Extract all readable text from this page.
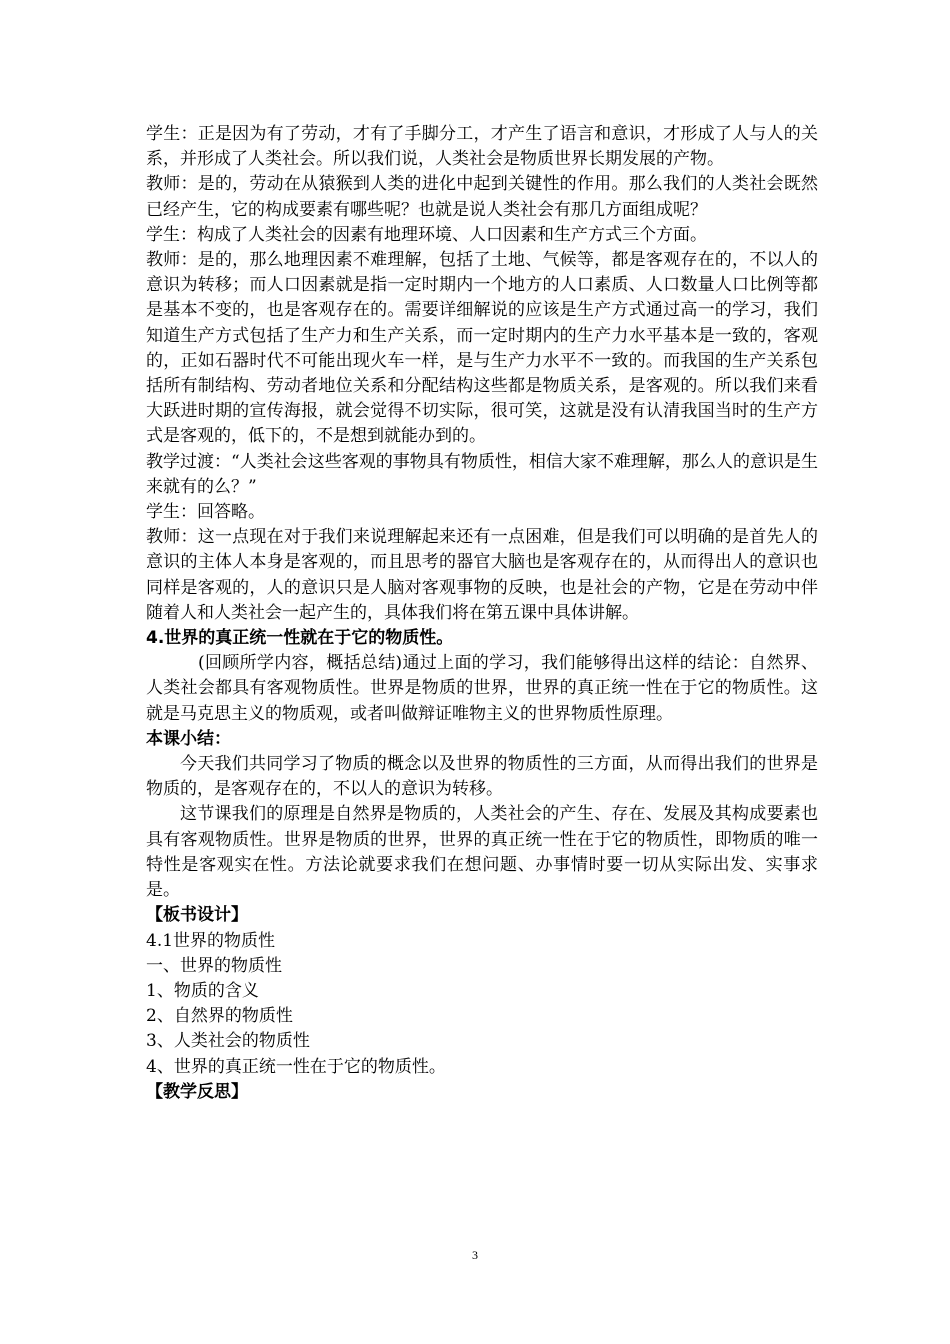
学生：正是因为有了劳动，才有了手脚分工，才产生了语言和意识，才形成了人与人的关系，并形成了人类社会。所以我们说，人类社会是物质世界长期发展的产物。

教师：是的，劳动在从猿猴到人类的进化中起到关键性的作用。那么我们的人类社会既然已经产生，它的构成要素有哪些呢？也就是说人类社会有那几方面组成呢？

学生：构成了人类社会的因素有地理环境、人口因素和生产方式三个方面。

教师：是的，那么地理因素不难理解，包括了土地、气候等，都是客观存在的，不以人的意识为转移；而人口因素就是指一定时期内一个地方的人口素质、人口数量人口比例等都是基本不变的，也是客观存在的。需要详细解说的应该是生产方式通过高一的学习，我们知道生产方式包括了生产力和生产关系，而一定时期内的生产力水平基本是一致的，客观的，正如石器时代不可能出现火车一样，是与生产力水平不一致的。而我国的生产关系包括所有制结构、劳动者地位关系和分配结构这些都是物质关系，是客观的。所以我们来看大跃进时期的宣传海报，就会觉得不切实际，很可笑，这就是没有认清我国当时的生产方式是客观的，低下的，不是想到就能办到的。

教学过渡：“人类社会这些客观的事物具有物质性，相信大家不难理解，那么人的意识是生来就有的么？”

学生：回答略。

教师：这一点现在对于我们来说理解起来还有一点困难，但是我们可以明确的是首先人的意识的主体人本身是客观的，而且思考的器官大脑也是客观存在的，从而得出人的意识也同样是客观的，人的意识只是人脑对客观事物的反映，也是社会的产物，它是在劳动中伴随着人和人类社会一起产生的，具体我们将在第五课中具体讲解。

4.世界的真正统一性就在于它的物质性。

(回顾所学内容，概括总结)通过上面的学习，我们能够得出这样的结论：自然界、人类社会都具有客观物质性。世界是物质的世界，世界的真正统一性在于它的物质性。这就是马克思主义的物质观，或者叫做辩证唯物主义的世界物质性原理。

本课小结：

今天我们共同学习了物质的概念以及世界的物质性的三方面，从而得出我们的世界是物质的，是客观存在的，不以人的意识为转移。

这节课我们的原理是自然界是物质的，人类社会的产生、存在、发展及其构成要素也具有客观物质性。世界是物质的世界，世界的真正统一性在于它的物质性，即物质的唯一特性是客观实在性。方法论就要求我们在想问题、办事情时要一切从实际出发、实事求是。

【板书设计】

4.1世界的物质性

一、世界的物质性

1、物质的含义

2、自然界的物质性

3、人类社会的物质性

4、世界的真正统一性在于它的物质性。

【教学反思】

3
